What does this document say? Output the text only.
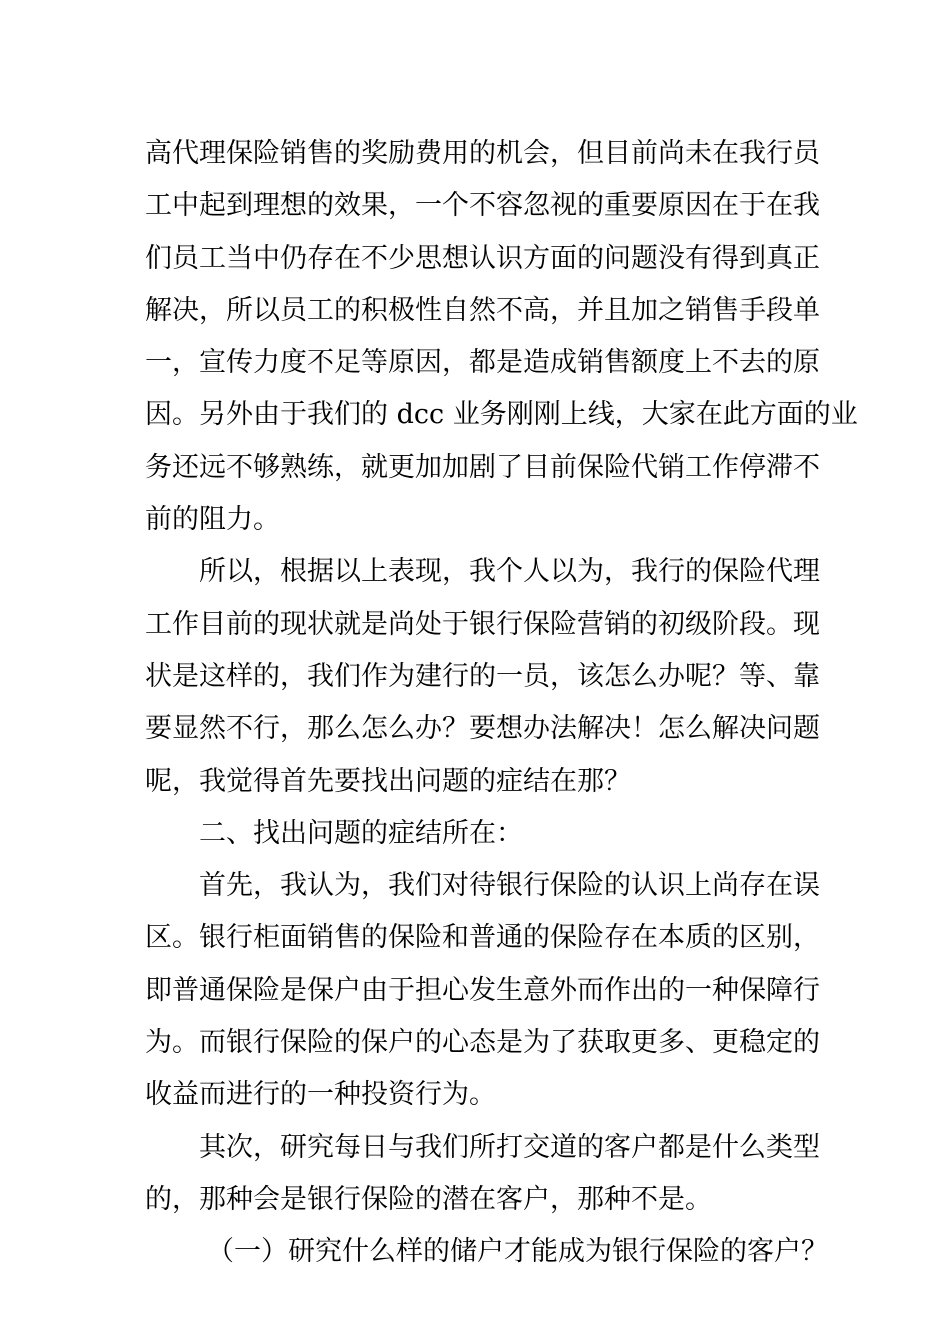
高代理保险销售的奖励费用的机会，但目前尚未在我行员
工中起到理想的效果，一个不容忽视的重要原因在于在我
们员工当中仍存在不少思想认识方面的问题没有得到真正
解决，所以员工的积极性自然不高，并且加之销售手段单
一，宣传力度不足等原因，都是造成销售额度上不去的原
因。另外由于我们的 dcc 业务刚刚上线，大家在此方面的业
务还远不够熟练，就更加加剧了目前保险代销工作停滞不
前的阻力。
所以，根据以上表现，我个人以为，我行的保险代理
工作目前的现状就是尚处于银行保险营销的初级阶段。现
状是这样的，我们作为建行的一员，该怎么办呢？等、靠
要显然不行，那么怎么办？要想办法解决！怎么解决问题
呢，我觉得首先要找出问题的症结在那？
二、找出问题的症结所在：
首先，我认为，我们对待银行保险的认识上尚存在误
区。银行柜面销售的保险和普通的保险存在本质的区别，
即普通保险是保户由于担心发生意外而作出的一种保障行
为。而银行保险的保户的心态是为了获取更多、更稳定的
收益而进行的一种投资行为。
其次，研究每日与我们所打交道的客户都是什么类型
的，那种会是银行保险的潜在客户，那种不是。
（一）研究什么样的储户才能成为银行保险的客户？
